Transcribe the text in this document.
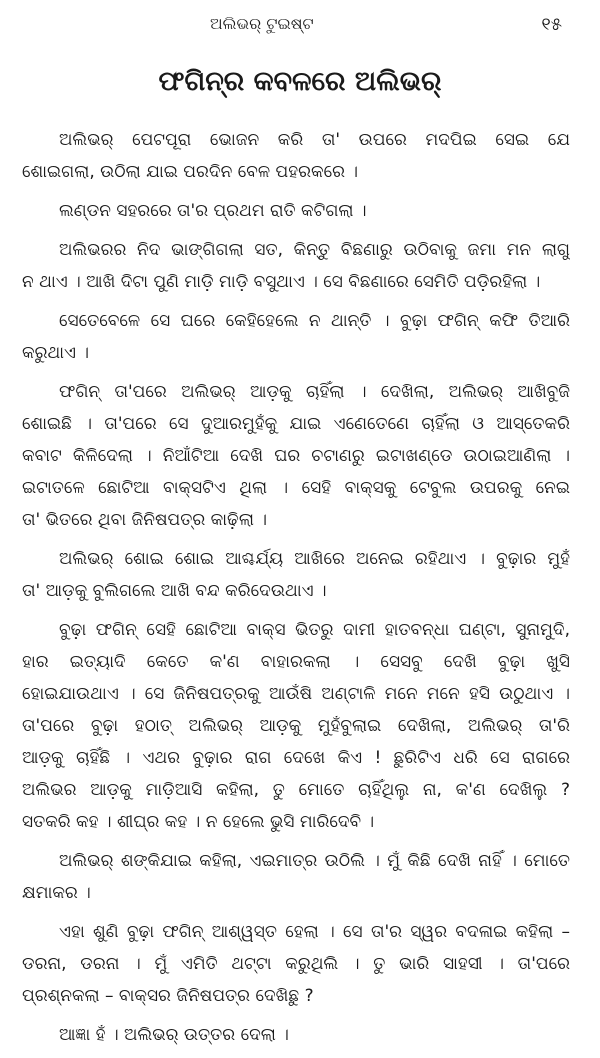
ଅଲିଭର୍ ଟୁଇଷ୍ଟ	୧୫
ଫଗିନ୍‌ର କବଳରେ ଅଲିଭର୍
ଅଲିଭର୍ ପେଟପୂରା ଭୋଜନ କରି ତା' ଉପରେ ମଦପିଇ ସେଇ ଯେ
ଶୋଇଗଲା, ଉଠିଲା ଯାଇ ପରଦିନ ବେଳ ପହରକରେ ।
ଲଣ୍ଡନ ସହରରେ ତା'ର ପ୍ରଥମ ରାତି କଟିଗଲା ।
ଅଲିଭରର ନିଦ ଭାଙ୍ଗିଗଲା ସତ, କିନ୍ତୁ ବିଛଣାରୁ ଉଠିବାକୁ ଜମା ମନ ଲାଗୁ
ନ ଥାଏ । ଆଖି ଦିଟା ପୁଣି ମାଡ଼ି ମାଡ଼ି ବସୁଥାଏ । ସେ ବିଛଣାରେ ସେମିତି ପଡ଼ିରହିଲା ।
ସେତେବେଳେ ସେ ଘରେ କେହିହେଲେ ନ ଥାନ୍ତି । ବୁଢ଼ା ଫଗିନ୍ କଫି ତିଆରି
କରୁଥାଏ ।
ଫଗିନ୍ ତା'ପରେ ଅଲିଭର୍ ଆଡ଼କୁ ଚାହିଁଲା । ଦେଖିଲା, ଅଲିଭର୍ ଆଖିବୁଜି
ଶୋଇଛି । ତା'ପରେ ସେ ଦୁଆରମୁହଁକୁ ଯାଇ ଏଣେତେଣେ ଚାହିଁଲା ଓ ଆସ୍ତେକରି
କବାଟ କିଳିଦେଲା । ନିଆଁଟିଆ ଦେଖି ଘର ଚଟାଣରୁ ଇଟାଖଣ୍ଡେ ଉଠାଇଆଣିଲା ।
ଇଟାତଳେ ଛୋଟିଆ ବାକ୍ସଟିଏ ଥିଲା । ସେହି ବାକ୍ସକୁ ଟେବୁଲ ଉପରକୁ ନେଇ
ତା' ଭିତରେ ଥିବା ଜିନିଷପତ୍ର କାଢ଼ିଲା ।
ଅଲିଭର୍ ଶୋଇ ଶୋଇ ଆଶ୍ଚର୍ଯ୍ୟ ଆଖିରେ ଅନେଇ ରହିଥାଏ । ବୁଢ଼ାର ମୁହଁ
ତା' ଆଡ଼କୁ ବୁଲିଗଲେ ଆଖି ବନ୍ଦ କରିଦେଉଥାଏ ।
ବୁଢ଼ା ଫଗିନ୍ ସେହି ଛୋଟିଆ ବାକ୍ସ ଭିତରୁ ଦାମୀ ହାତବନ୍ଧା ଘଣ୍ଟା, ସୁନାମୁଦି,
ହାର ଇତ୍ୟାଦି କେତେ କ'ଣ ବାହାରକଲା । ସେସବୁ ଦେଖି ବୁଢ଼ା ଖୁସି
ହୋଇଯାଉଥାଏ । ସେ ଜିନିଷପତ୍ରକୁ ଆଉଁଷି ଅଣ୍ଟାଳି ମନେ ମନେ ହସି ଉଠୁଥାଏ ।
ତା'ପରେ ବୁଢ଼ା ହଠାତ୍ ଅଲିଭର୍ ଆଡ଼କୁ ମୁହଁବୁଲାଇ ଦେଖିଲା, ଅଲିଭର୍ ତା'ରି
ଆଡ଼କୁ ଚାହିଁଛି । ଏଥର ବୁଢ଼ାର ରାଗ ଦେଖେ କିଏ ! ଛୁରିଟିଏ ଧରି ସେ ରାଗରେ
ଅଲିଭର ଆଡ଼କୁ ମାଡ଼ିଆସି କହିଲା, ତୁ ମୋତେ ଚାହିଁଥିଲୁ ନା, କ'ଣ ଦେଖିଲୁ ?
ସତକରି କହ । ଶୀଘ୍ର କହ । ନ ହେଲେ ଭୁସି ମାରିଦେବି ।
ଅଲିଭର୍ ଶଙ୍କିଯାଇ କହିଲା, ଏଇମାତ୍ର ଉଠିଲି । ମୁଁ କିଛି ଦେଖି ନାହିଁ । ମୋତେ
କ୍ଷମାକର ।
ଏହା ଶୁଣି ବୁଢ଼ା ଫଗିନ୍ ଆଶ୍ୱସ୍ତ ହେଲା । ସେ ତା'ର ସ୍ୱର ବଦଳାଇ କହିଲା –
ଡରନା, ଡରନା । ମୁଁ ଏମିତି ଥଟ୍ଟା କରୁଥିଲି । ତୁ ଭାରି ସାହସୀ । ତା'ପରେ
ପ୍ରଶ୍ନକଲା – ବାକ୍ସର ଜିନିଷପତ୍ର ଦେଖିଛୁ ?
ଆଜ୍ଞା ହଁ । ଅଲିଭର୍ ଉତ୍ତର ଦେଲା ।
